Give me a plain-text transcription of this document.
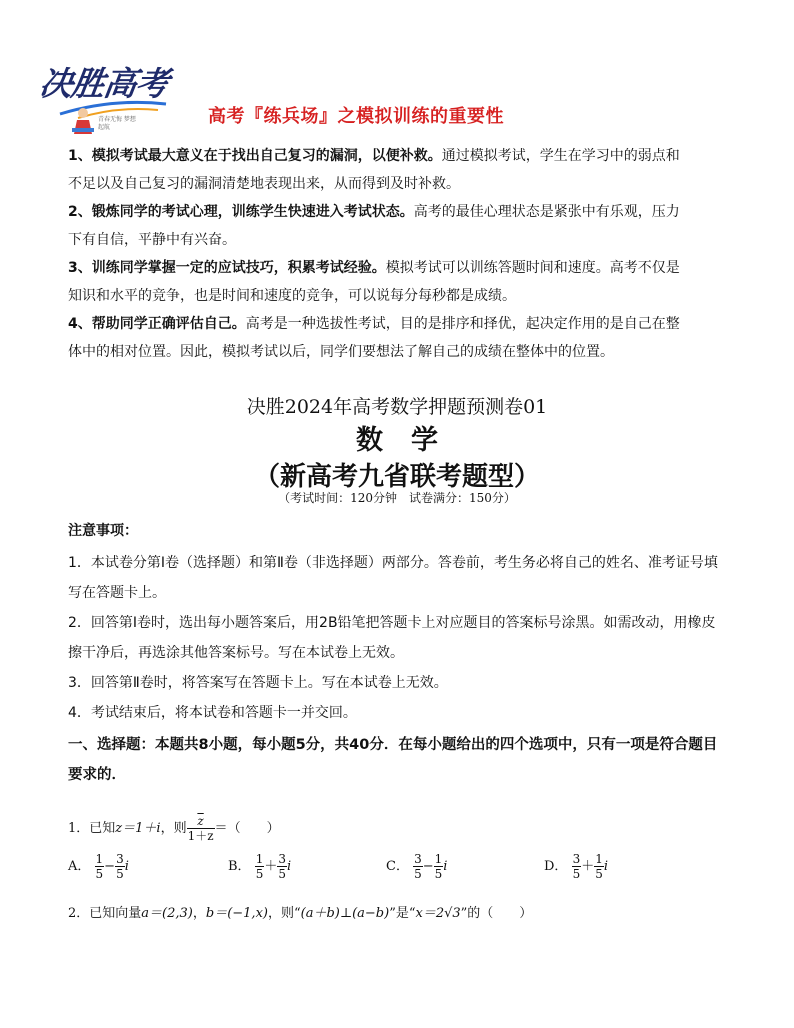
决胜高考
青春无悔 梦想起航
高考『练兵场』之模拟训练的重要性
1、模拟考试最大意义在于找出自己复习的漏洞，以便补救。通过模拟考试，学生在学习中的弱点和不足以及自己复习的漏洞清楚地表现出来，从而得到及时补救。
2、锻炼同学的考试心理，训练学生快速进入考试状态。高考的最佳心理状态是紧张中有乐观，压力下有自信，平静中有兴奋。
3、训练同学掌握一定的应试技巧，积累考试经验。模拟考试可以训练答题时间和速度。高考不仅是知识和水平的竞争，也是时间和速度的竞争，可以说每分每秒都是成绩。
4、帮助同学正确评估自己。高考是一种选拔性考试，目的是排序和择优，起决定作用的是自己在整体中的相对位置。因此，模拟考试以后，同学们要想法了解自己的成绩在整体中的位置。
决胜2024年高考数学押题预测卷01
数学
（新高考九省联考题型）
（考试时间：120分钟　试卷满分：150分）
注意事项：
1．本试卷分第Ⅰ卷（选择题）和第Ⅱ卷（非选择题）两部分。答卷前，考生务必将自己的姓名、准考证号填写在答题卡上。
2．回答第Ⅰ卷时，选出每小题答案后，用2B铅笔把答题卡上对应题目的答案标号涂黑。如需改动，用橡皮擦干净后，再选涂其他答案标号。写在本试卷上无效。
3．回答第Ⅱ卷时，将答案写在答题卡上。写在本试卷上无效。
4．考试结束后，将本试卷和答题卡一并交回。
一、选择题：本题共8小题，每小题5分，共40分．在每小题给出的四个选项中，只有一项是符合题目要求的．
1．已知z＝1＋i，则 $\frac{\overline{z}}{1+z}$ ＝（　　）
A． $\frac{1}{5} - \frac{3}{5}$ i	B． $\frac{1}{5} + \frac{3}{5}$ i	C． $\frac{3}{5} - \frac{1}{5}$ i	D． $\frac{3}{5} + \frac{1}{5}$ i
2．已知向量a＝(2,3)，b＝(−1,x)，则“(a＋b)⊥(a−b)”是“x＝2√3”的（　　）
